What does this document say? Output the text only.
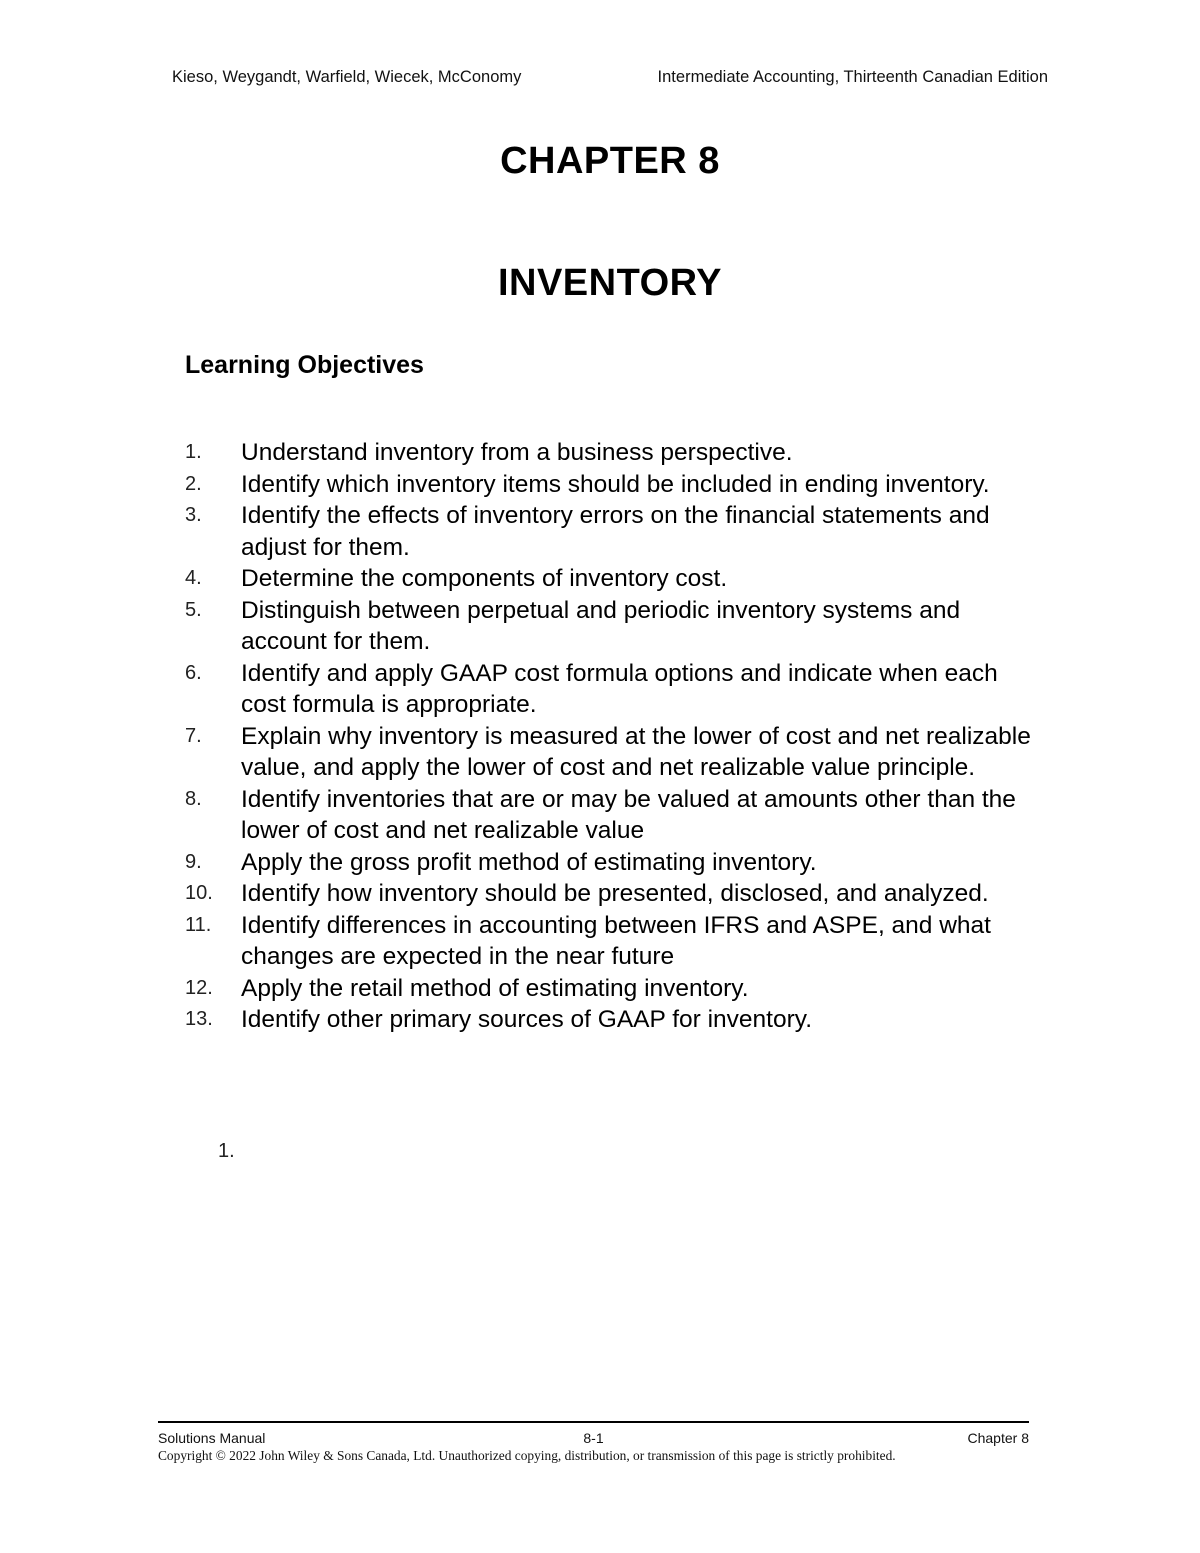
Kieso, Weygandt, Warfield, Wiecek, McConomy	Intermediate Accounting, Thirteenth Canadian Edition
CHAPTER 8
INVENTORY
Learning Objectives
1.	Understand inventory from a business perspective.
2.	Identify which inventory items should be included in ending inventory.
3.	Identify the effects of inventory errors on the financial statements and adjust for them.
4.	Determine the components of inventory cost.
5.	Distinguish between perpetual and periodic inventory systems and account for them.
6.	Identify and apply GAAP cost formula options and indicate when each cost formula is appropriate.
7.	Explain why inventory is measured at the lower of cost and net realizable value, and apply the lower of cost and net realizable value principle.
8.	Identify inventories that are or may be valued at amounts other than the lower of cost and net realizable value
9.	Apply the gross profit method of estimating inventory.
10.	Identify how inventory should be presented, disclosed, and analyzed.
11.	Identify differences in accounting between IFRS and ASPE, and what changes are expected in the near future
12.	Apply the retail method of estimating inventory.
13.	Identify other primary sources of GAAP for inventory.
1.
Solutions Manual	8-1	Chapter 8
Copyright © 2022 John Wiley & Sons Canada, Ltd. Unauthorized copying, distribution, or transmission of this page is strictly prohibited.
